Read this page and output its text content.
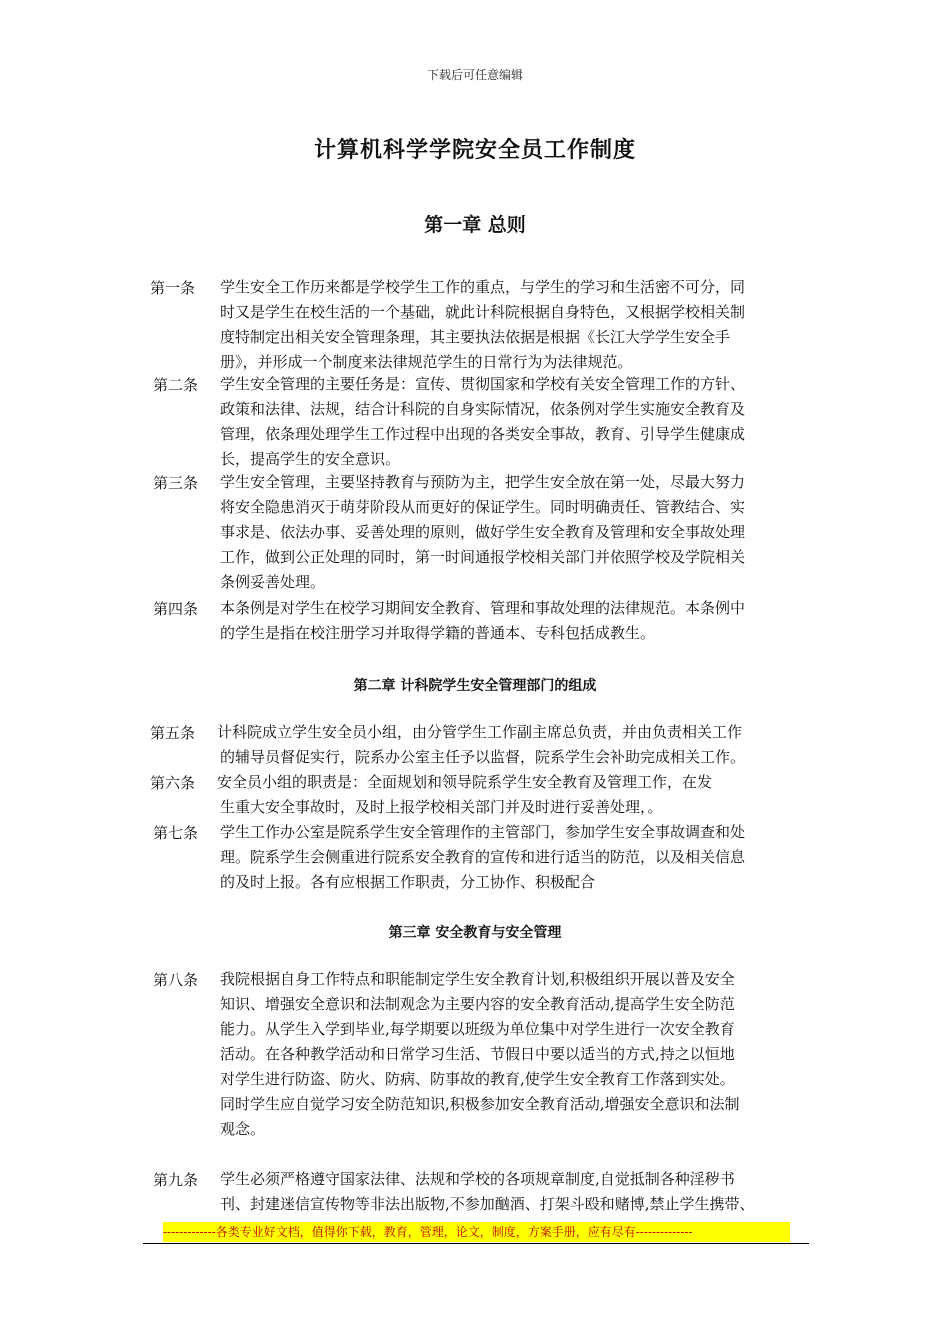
下载后可任意编辑
计算机科学学院安全员工作制度
第一章 总则
第一条 学生安全工作历来都是学校学生工作的重点，与学生的学习和生活密不可分，同
时又是学生在校生活的一个基础，就此计科院根据自身特色，又根据学校相关制
度特制定出相关安全管理条理，其主要执法依据是根据《长江大学学生安全手
册》，并形成一个制度来法律规范学生的日常行为为法律规范。
第二条 学生安全管理的主要任务是：宣传、贯彻国家和学校有关安全管理工作的方针、
政策和法律、法规，结合计科院的自身实际情况，依条例对学生实施安全教育及
管理，依条理处理学生工作过程中出现的各类安全事故，教育、引导学生健康成
长，提高学生的安全意识。
第三条 学生安全管理，主要坚持教育与预防为主，把学生安全放在第一处，尽最大努力
将安全隐患消灭于萌芽阶段从而更好的保证学生。同时明确责任、管教结合、实
事求是、依法办事、妥善处理的原则，做好学生安全教育及管理和安全事故处理
工作，做到公正处理的同时，第一时间通报学校相关部门并依照学校及学院相关
条例妥善处理。
第四条 本条例是对学生在校学习期间安全教育、管理和事故处理的法律规范。本条例中
的学生是指在校注册学习并取得学籍的普通本、专科包括成教生。
第二章 计科院学生安全管理部门的组成
第五条 计科院成立学生安全员小组，由分管学生工作副主席总负责，并由负责相关工作
的辅导员督促实行，院系办公室主任予以监督，院系学生会补助完成相关工作。
第六条 安全员小组的职责是：全面规划和领导院系学生安全教育及管理工作，在发
生重大安全事故时，及时上报学校相关部门并及时进行妥善处理，。
第七条 学生工作办公室是院系学生安全管理作的主管部门，参加学生安全事故调查和处
理。院系学生会侧重进行院系安全教育的宣传和进行适当的防范，以及相关信息
的及时上报。各有应根据工作职责，分工协作、积极配合
第三章 安全教育与安全管理
第八条 我院根据自身工作特点和职能制定学生安全教育计划,积极组织开展以普及安全
知识、增强安全意识和法制观念为主要内容的安全教育活动,提高学生安全防范
能力。从学生入学到毕业,每学期要以班级为单位集中对学生进行一次安全教育
活动。在各种教学活动和日常学习生活、节假日中要以适当的方式,持之以恒地
对学生进行防盗、防火、防病、防事故的教育,使学生安全教育工作落到实处。
同时学生应自觉学习安全防范知识,积极参加安全教育活动,增强安全意识和法制
观念。
第九条 学生必须严格遵守国家法律、法规和学校的各项规章制度,自觉抵制各种淫秽书
刊、封建迷信宣传物等非法出版物,不参加酗酒、打架斗殴和赌博,禁止学生携带、
-------------各类专业好文档，值得你下载，教育，管理，论文，制度，方案手册，应有尽有--------------
